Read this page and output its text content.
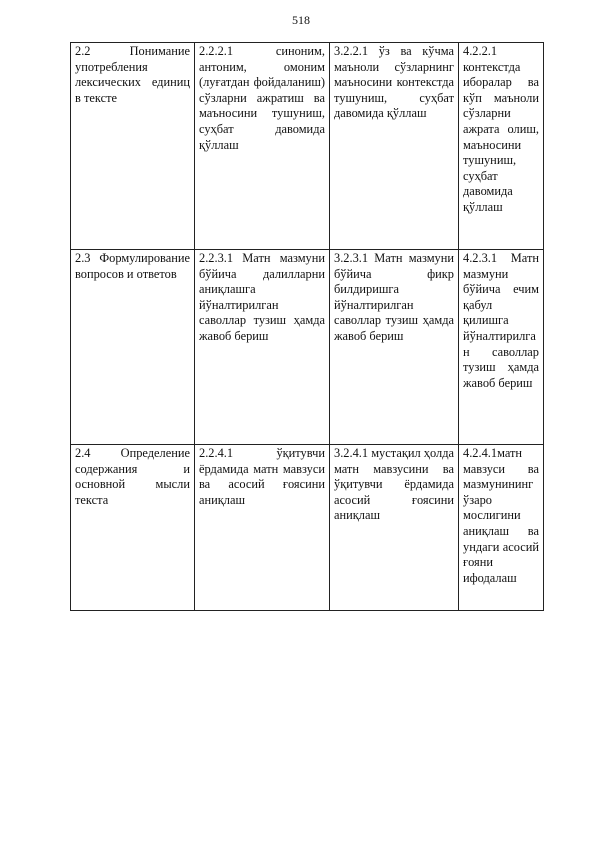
518
2.2 Понимание употребления лексических единиц в тексте	2.2.2.1 синоним, антоним, омоним (луғатдан фойдаланиш) сўзларни ажратиш ва маъносини тушуниш, суҳбат давомида қўллаш	3.2.2.1 ўз ва кўчма маъноли сўзларнинг маъносини контекстда тушуниш, суҳбат давомида қўллаш	4.2.2.1 контекстда иборалар ва кўп маъноли сўзларни ажрата олиш, маъносини тушуниш, суҳбат давомида қўллаш

2.3 Формулирование вопросов и ответов	2.2.3.1 Матн мазмуни бўйича далилларни аниқлашга йўналтирилган саволлар тузиш ҳамда жавоб бериш	3.2.3.1 Матн мазмуни бўйича фикр билдиришга йўналтирилган саволлар тузиш ҳамда жавоб бериш	4.2.3.1 Матн мазмуни бўйича ечим қабул қилишга йўналтирилган саволлар тузиш ҳамда жавоб бериш

2.4 Определение содержания и основной мысли текста	2.2.4.1 ўқитувчи ёрдамида матн мавзуси ва асосий ғоясини аниқлаш	3.2.4.1 мустақил ҳолда матн мавзусини ва ўқитувчи ёрдамида асосий ғоясини аниқлаш	4.2.4.1матн мавзуси ва мазмунининг ўзаро мослигини аниқлаш ва ундаги асосий ғояни ифодалаш
